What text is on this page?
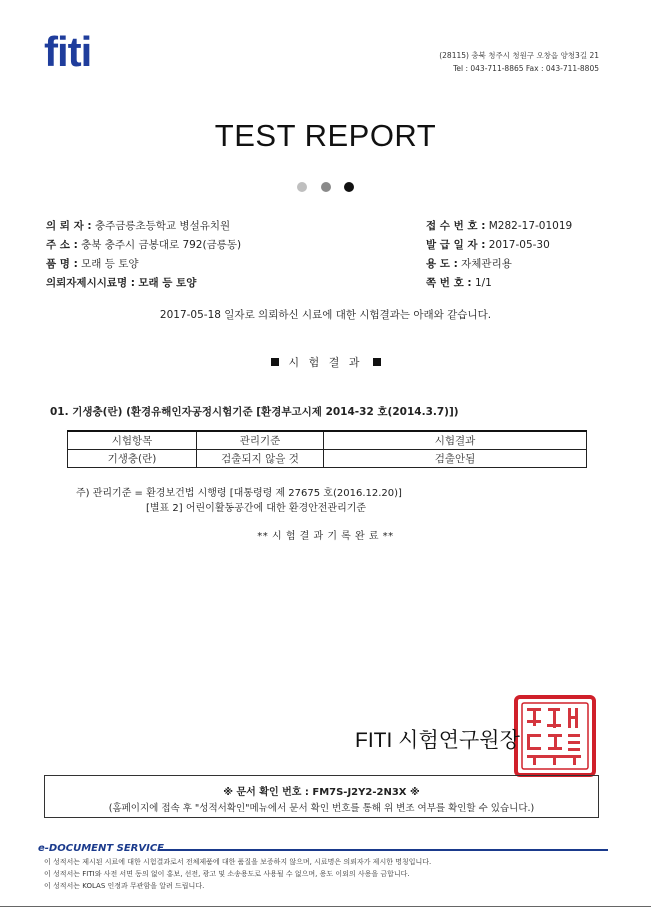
fiti	(28115) 충북 청주시 청원구 오창읍 양청3길 21
Tel : 043-711-8865 Fax : 043-711-8805
TEST REPORT

의 뢰 자 : 충주금릉초등학교 병설유치원
주 소 : 충북 충주시 금봉대로 792(금릉동)
품 명 : 모래 등 토양
의뢰자제시시료명 : 모래 등 토양
접 수 번 호 : M282-17-01019
발 급 일 자 : 2017-05-30
용 도 : 자체관리용
쪽 번 호 : 1/1
2017-05-18 일자로 의뢰하신 시료에 대한 시험결과는 아래와 같습니다.
시 험 결 과
01. 기생충(란) (환경유해인자공정시험기준 [환경부고시제 2014-32 호(2014.3.7)])
시험항목	관리기준	시험결과
기생충(란)	검출되지 않을 것	검출안됨
주) 관리기준 = 환경보건법 시행령 [대통령령 제 27675 호(2016.12.20)]
[별표 2] 어린이활동공간에 대한 환경안전관리기준
** 시 험 결 과 기 록 완 료 **
FITI 시험연구원장
※ 문서 확인 번호 : FM7S-J2Y2-2N3X ※
(홈페이지에 접속 후 "성적서확인"메뉴에서 문서 확인 번호를 통해 위 변조 여부를 확인할 수 있습니다.)
e-DOCUMENT SERVICE
이 성적서는 제시된 시료에 대한 시험결과로서 전체제품에 대한 품질을 보증하지 않으며, 시료명은 의뢰자가 제시한 명칭입니다.
이 성적서는 FITI와 사전 서면 동의 없이 홍보, 선전, 광고 및 소송용도로 사용될 수 없으며, 용도 이외의 사용을 금합니다.
이 성적서는 KOLAS 인정과 무관함을 알려 드립니다.
